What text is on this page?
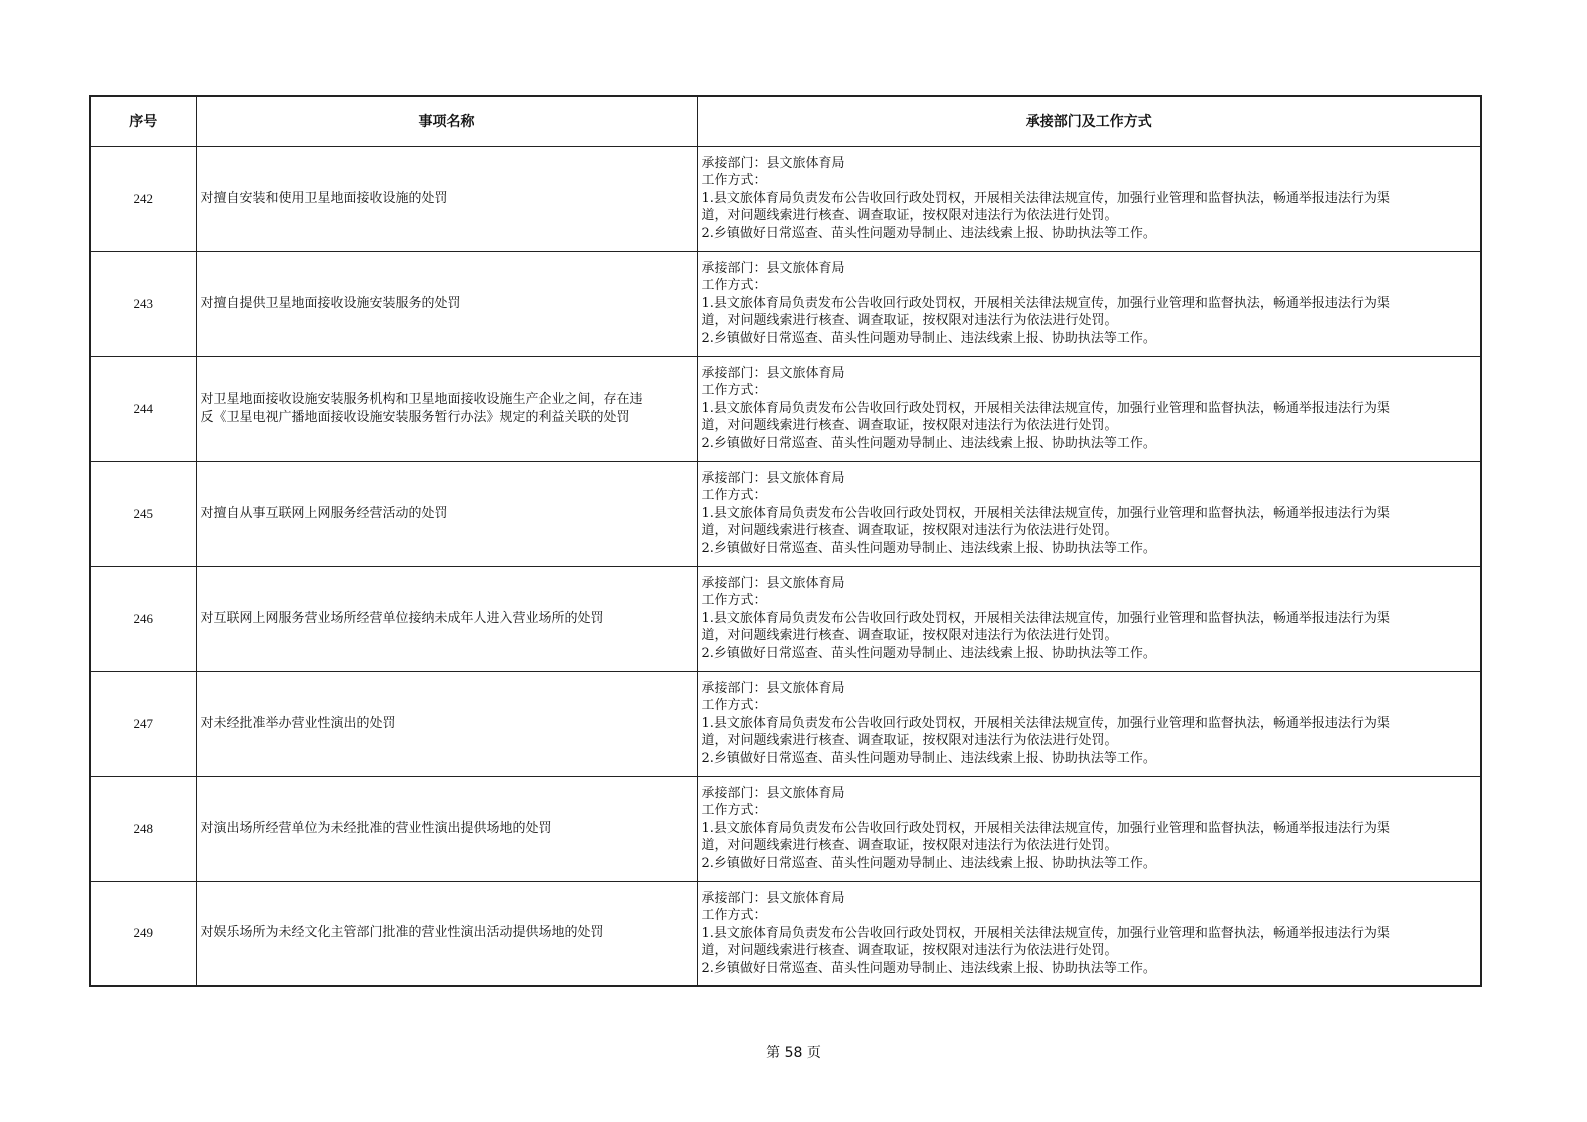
序号	事项名称	承接部门及工作方式
242	对擅自安装和使用卫星地面接收设施的处罚	承接部门：县文旅体育局
工作方式：
1.县文旅体育局负责发布公告收回行政处罚权，开展相关法律法规宣传，加强行业管理和监督执法，畅通举报违法行为渠
道，对问题线索进行核查、调查取证，按权限对违法行为依法进行处罚。
2.乡镇做好日常巡查、苗头性问题劝导制止、违法线索上报、协助执法等工作。

243	对擅自提供卫星地面接收设施安装服务的处罚	承接部门：县文旅体育局
工作方式：
1.县文旅体育局负责发布公告收回行政处罚权，开展相关法律法规宣传，加强行业管理和监督执法，畅通举报违法行为渠
道，对问题线索进行核查、调查取证，按权限对违法行为依法进行处罚。
2.乡镇做好日常巡查、苗头性问题劝导制止、违法线索上报、协助执法等工作。

244	对卫星地面接收设施安装服务机构和卫星地面接收设施生产企业之间，存在违
反《卫星电视广播地面接收设施安装服务暂行办法》规定的利益关联的处罚	承接部门：县文旅体育局
工作方式：
1.县文旅体育局负责发布公告收回行政处罚权，开展相关法律法规宣传，加强行业管理和监督执法，畅通举报违法行为渠
道，对问题线索进行核查、调查取证，按权限对违法行为依法进行处罚。
2.乡镇做好日常巡查、苗头性问题劝导制止、违法线索上报、协助执法等工作。

245	对擅自从事互联网上网服务经营活动的处罚	承接部门：县文旅体育局
工作方式：
1.县文旅体育局负责发布公告收回行政处罚权，开展相关法律法规宣传，加强行业管理和监督执法，畅通举报违法行为渠
道，对问题线索进行核查、调查取证，按权限对违法行为依法进行处罚。
2.乡镇做好日常巡查、苗头性问题劝导制止、违法线索上报、协助执法等工作。

246	对互联网上网服务营业场所经营单位接纳未成年人进入营业场所的处罚	承接部门：县文旅体育局
工作方式：
1.县文旅体育局负责发布公告收回行政处罚权，开展相关法律法规宣传，加强行业管理和监督执法，畅通举报违法行为渠
道，对问题线索进行核查、调查取证，按权限对违法行为依法进行处罚。
2.乡镇做好日常巡查、苗头性问题劝导制止、违法线索上报、协助执法等工作。

247	对未经批准举办营业性演出的处罚	承接部门：县文旅体育局
工作方式：
1.县文旅体育局负责发布公告收回行政处罚权，开展相关法律法规宣传，加强行业管理和监督执法，畅通举报违法行为渠
道，对问题线索进行核查、调查取证，按权限对违法行为依法进行处罚。
2.乡镇做好日常巡查、苗头性问题劝导制止、违法线索上报、协助执法等工作。

248	对演出场所经营单位为未经批准的营业性演出提供场地的处罚	承接部门：县文旅体育局
工作方式：
1.县文旅体育局负责发布公告收回行政处罚权，开展相关法律法规宣传，加强行业管理和监督执法，畅通举报违法行为渠
道，对问题线索进行核查、调查取证，按权限对违法行为依法进行处罚。
2.乡镇做好日常巡查、苗头性问题劝导制止、违法线索上报、协助执法等工作。

249	对娱乐场所为未经文化主管部门批准的营业性演出活动提供场地的处罚	承接部门：县文旅体育局
工作方式：
1.县文旅体育局负责发布公告收回行政处罚权，开展相关法律法规宣传，加强行业管理和监督执法，畅通举报违法行为渠
道，对问题线索进行核查、调查取证，按权限对违法行为依法进行处罚。
2.乡镇做好日常巡查、苗头性问题劝导制止、违法线索上报、协助执法等工作。
第 58 页
